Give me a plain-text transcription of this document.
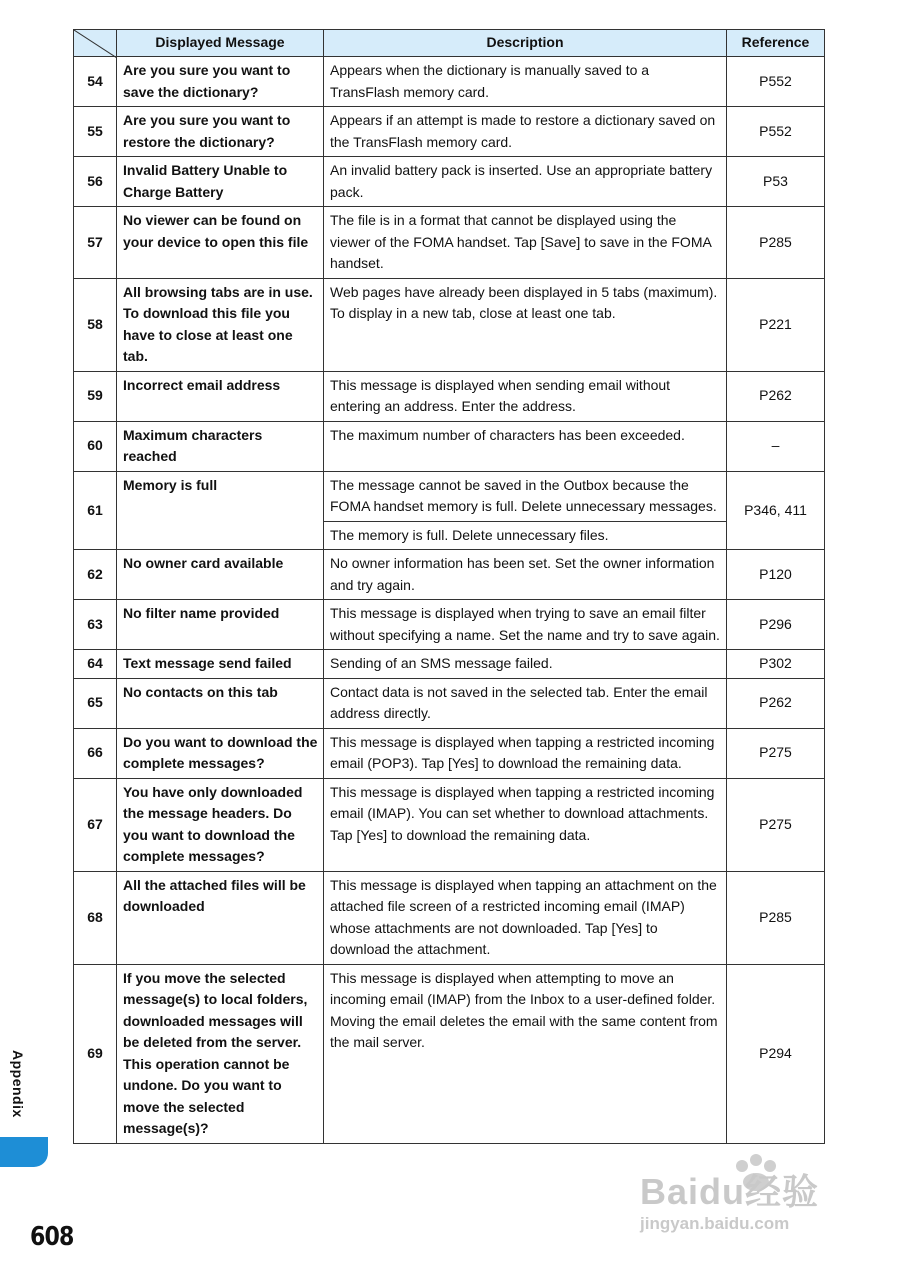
	Displayed Message	Description	Reference
54	Are you sure you want to save the dictionary?	Appears when the dictionary is manually saved to a TransFlash memory card.	P552
55	Are you sure you want to restore the dictionary?	Appears if an attempt is made to restore a dictionary saved on the TransFlash memory card.	P552
56	Invalid Battery Unable to Charge Battery	An invalid battery pack is inserted. Use an appropriate battery pack.	P53
57	No viewer can be found on your device to open this file	The file is in a format that cannot be displayed using the viewer of the FOMA handset. Tap [Save] to save in the FOMA handset.	P285
58	All browsing tabs are in use. To download this file you have to close at least one tab.	Web pages have already been displayed in 5 tabs (maximum). To display in a new tab, close at least one tab.	P221
59	Incorrect email address	This message is displayed when sending email without entering an address. Enter the address.	P262
60	Maximum characters reached	The maximum number of characters has been exceeded.	–
61	Memory is full	The message cannot be saved in the Outbox because the FOMA handset memory is full. Delete unnecessary messages.	P346, 411
		The memory is full. Delete unnecessary files.	
62	No owner card available	No owner information has been set. Set the owner information and try again.	P120
63	No filter name provided	This message is displayed when trying to save an email filter without specifying a name. Set the name and try to save again.	P296
64	Text message send failed	Sending of an SMS message failed.	P302
65	No contacts on this tab	Contact data is not saved in the selected tab. Enter the email address directly.	P262
66	Do you want to download the complete messages?	This message is displayed when tapping a restricted incoming email (POP3). Tap [Yes] to download the remaining data.	P275
67	You have only downloaded the message headers. Do you want to download the complete messages?	This message is displayed when tapping a restricted incoming email (IMAP). You can set whether to download attachments. Tap [Yes] to download the remaining data.	P275
68	All the attached files will be downloaded	This message is displayed when tapping an attachment on the attached file screen of a restricted incoming email (IMAP) whose attachments are not downloaded. Tap [Yes] to download the attachment.	P285
69	If you move the selected message(s) to local folders, downloaded messages will be deleted from the server. This operation cannot be undone. Do you want to move the selected message(s)?	This message is displayed when attempting to move an incoming email (IMAP) from the Inbox to a user-defined folder. Moving the email deletes the email with the same content from the mail server.	P294
Appendix
608
Baidu经验
jingyan.baidu.com
